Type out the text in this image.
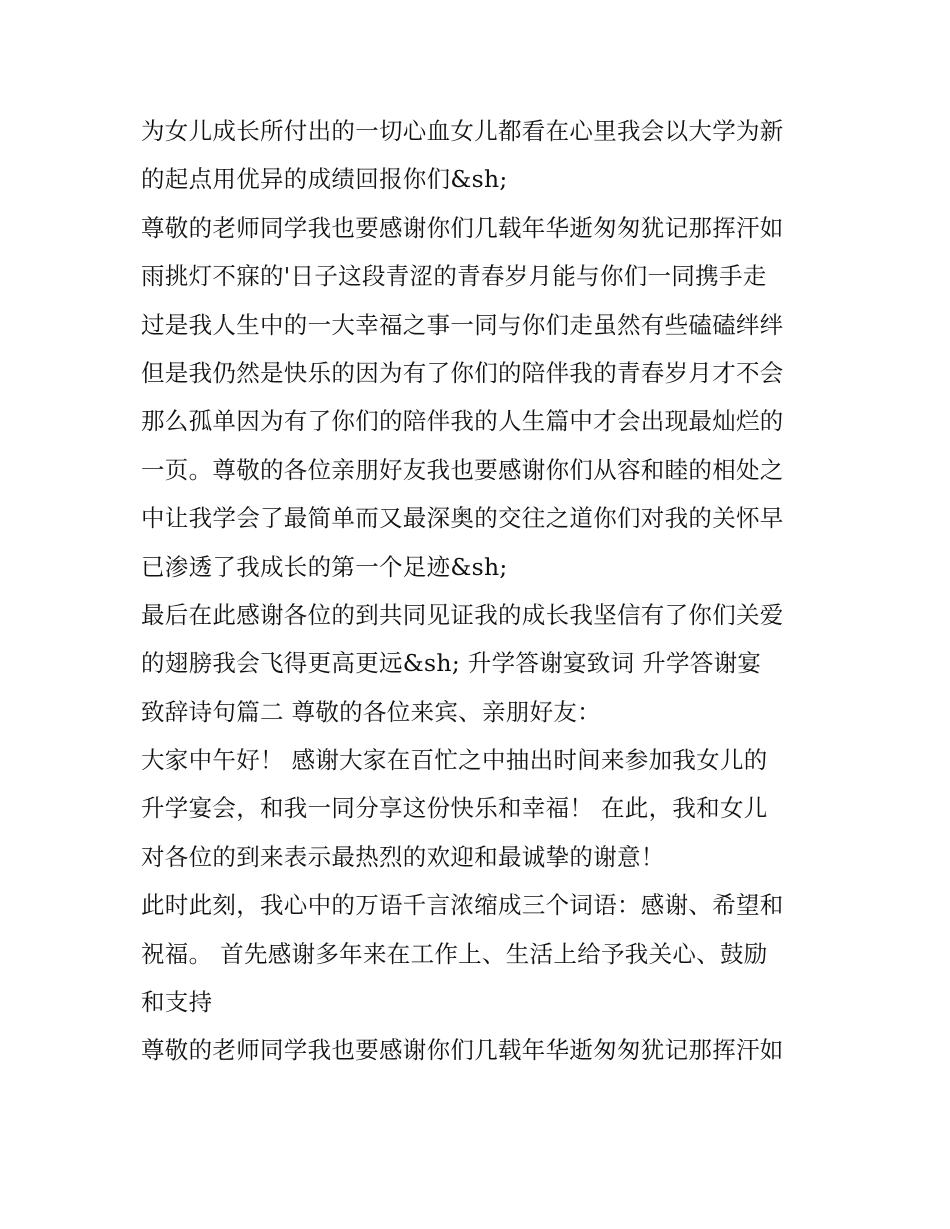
为女儿成长所付出的一切心血女儿都看在心里我会以大学为新
的起点用优异的成绩回报你们&sh;
尊敬的老师同学我也要感谢你们几载年华逝匆匆犹记那挥汗如
雨挑灯不寐的'日子这段青涩的青春岁月能与你们一同携手走
过是我人生中的一大幸福之事一同与你们走虽然有些磕磕绊绊
但是我仍然是快乐的因为有了你们的陪伴我的青春岁月才不会
那么孤单因为有了你们的陪伴我的人生篇中才会出现最灿烂的
一页。尊敬的各位亲朋好友我也要感谢你们从容和睦的相处之
中让我学会了最简单而又最深奥的交往之道你们对我的关怀早
已渗透了我成长的第一个足迹&sh;
最后在此感谢各位的到共同见证我的成长我坚信有了你们关爱
的翅膀我会飞得更高更远&sh; 升学答谢宴致词 升学答谢宴
致辞诗句篇二 尊敬的各位来宾、亲朋好友：
大家中午好！ 感谢大家在百忙之中抽出时间来参加我女儿的
升学宴会，和我一同分享这份快乐和幸福！ 在此，我和女儿
对各位的到来表示最热烈的欢迎和最诚挚的谢意！
此时此刻，我心中的万语千言浓缩成三个词语：感谢、希望和
祝福。 首先感谢多年来在工作上、生活上给予我关心、鼓励
和支持
尊敬的老师同学我也要感谢你们几载年华逝匆匆犹记那挥汗如
